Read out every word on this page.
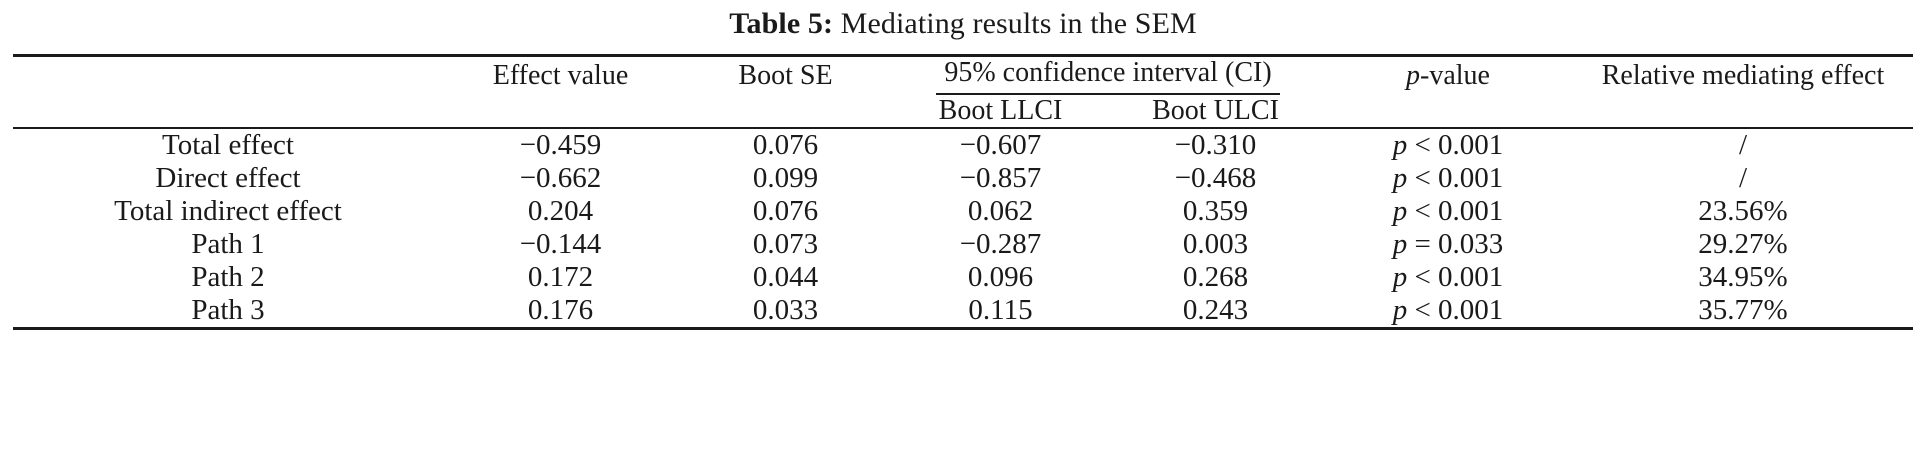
Table 5: Mediating results in the SEM
	Effect value	Boot SE	95% confidence interval (CI)		p-value	Relative mediating effect
			Boot LLCI	Boot ULCI		
Total effect	−0.459	0.076	−0.607	−0.310	p < 0.001	/
Direct effect	−0.662	0.099	−0.857	−0.468	p < 0.001	/
Total indirect effect	0.204	0.076	0.062	0.359	p < 0.001	23.56%
Path 1	−0.144	0.073	−0.287	0.003	p = 0.033	29.27%
Path 2	0.172	0.044	0.096	0.268	p < 0.001	34.95%
Path 3	0.176	0.033	0.115	0.243	p < 0.001	35.77%
